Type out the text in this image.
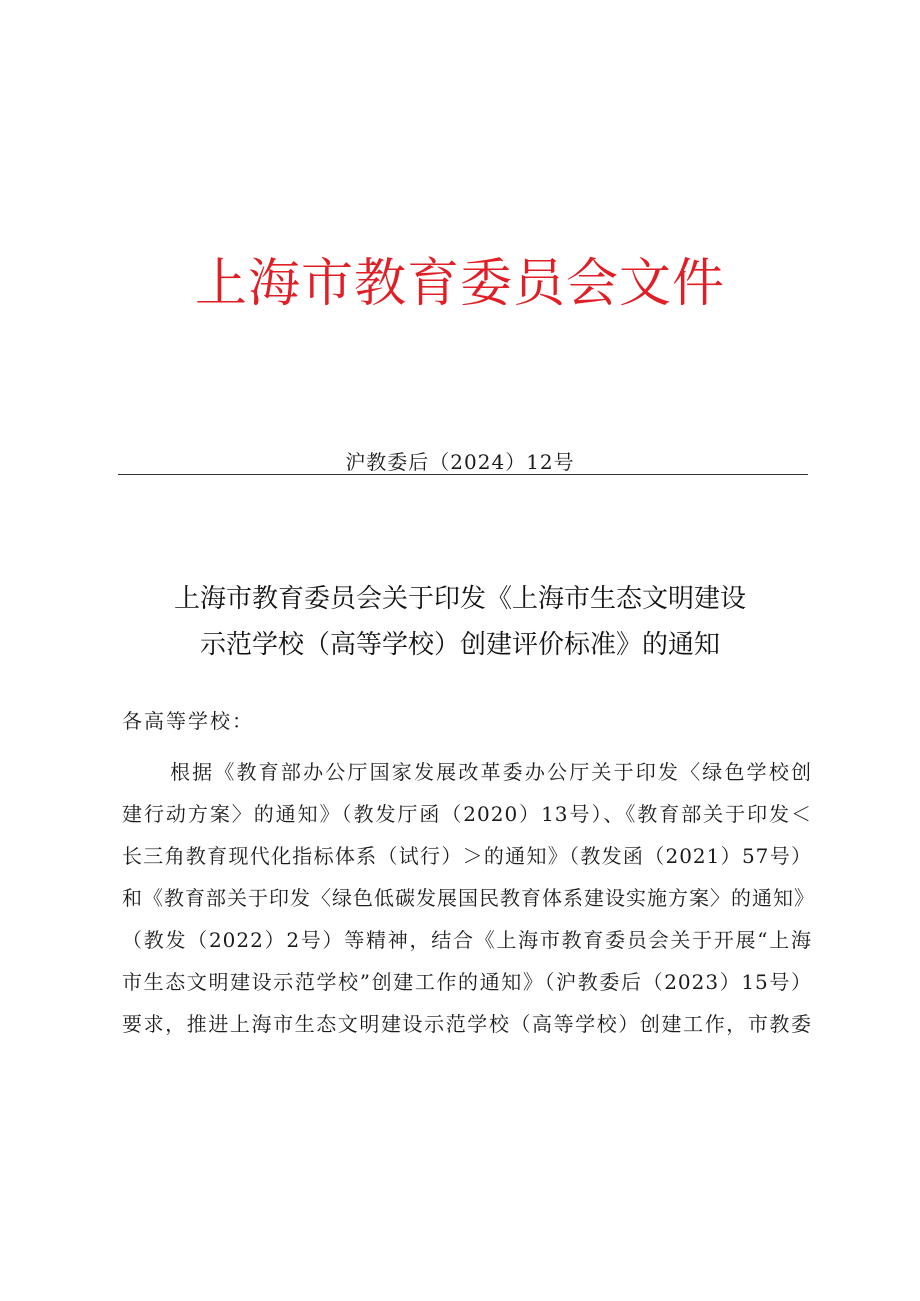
上海市教育委员会文件
沪教委后（2024）12号
上海市教育委员会关于印发《上海市生态文明建设
示范学校（高等学校）创建评价标准》的通知
各高等学校：
根据《教育部办公厅国家发展改革委办公厅关于印发〈绿色学校创
建行动方案〉的通知》（教发厅函（2020）13号）、《教育部关于印发＜
长三角教育现代化指标体系（试行）＞的通知》（教发函（2021）57号）
和《教育部关于印发〈绿色低碳发展国民教育体系建设实施方案〉的通知》
（教发（2022）2号）等精神，结合《上海市教育委员会关于开展“上海
市生态文明建设示范学校”创建工作的通知》（沪教委后（2023）15号）
要求，推进上海市生态文明建设示范学校（高等学校）创建工作，市教委
